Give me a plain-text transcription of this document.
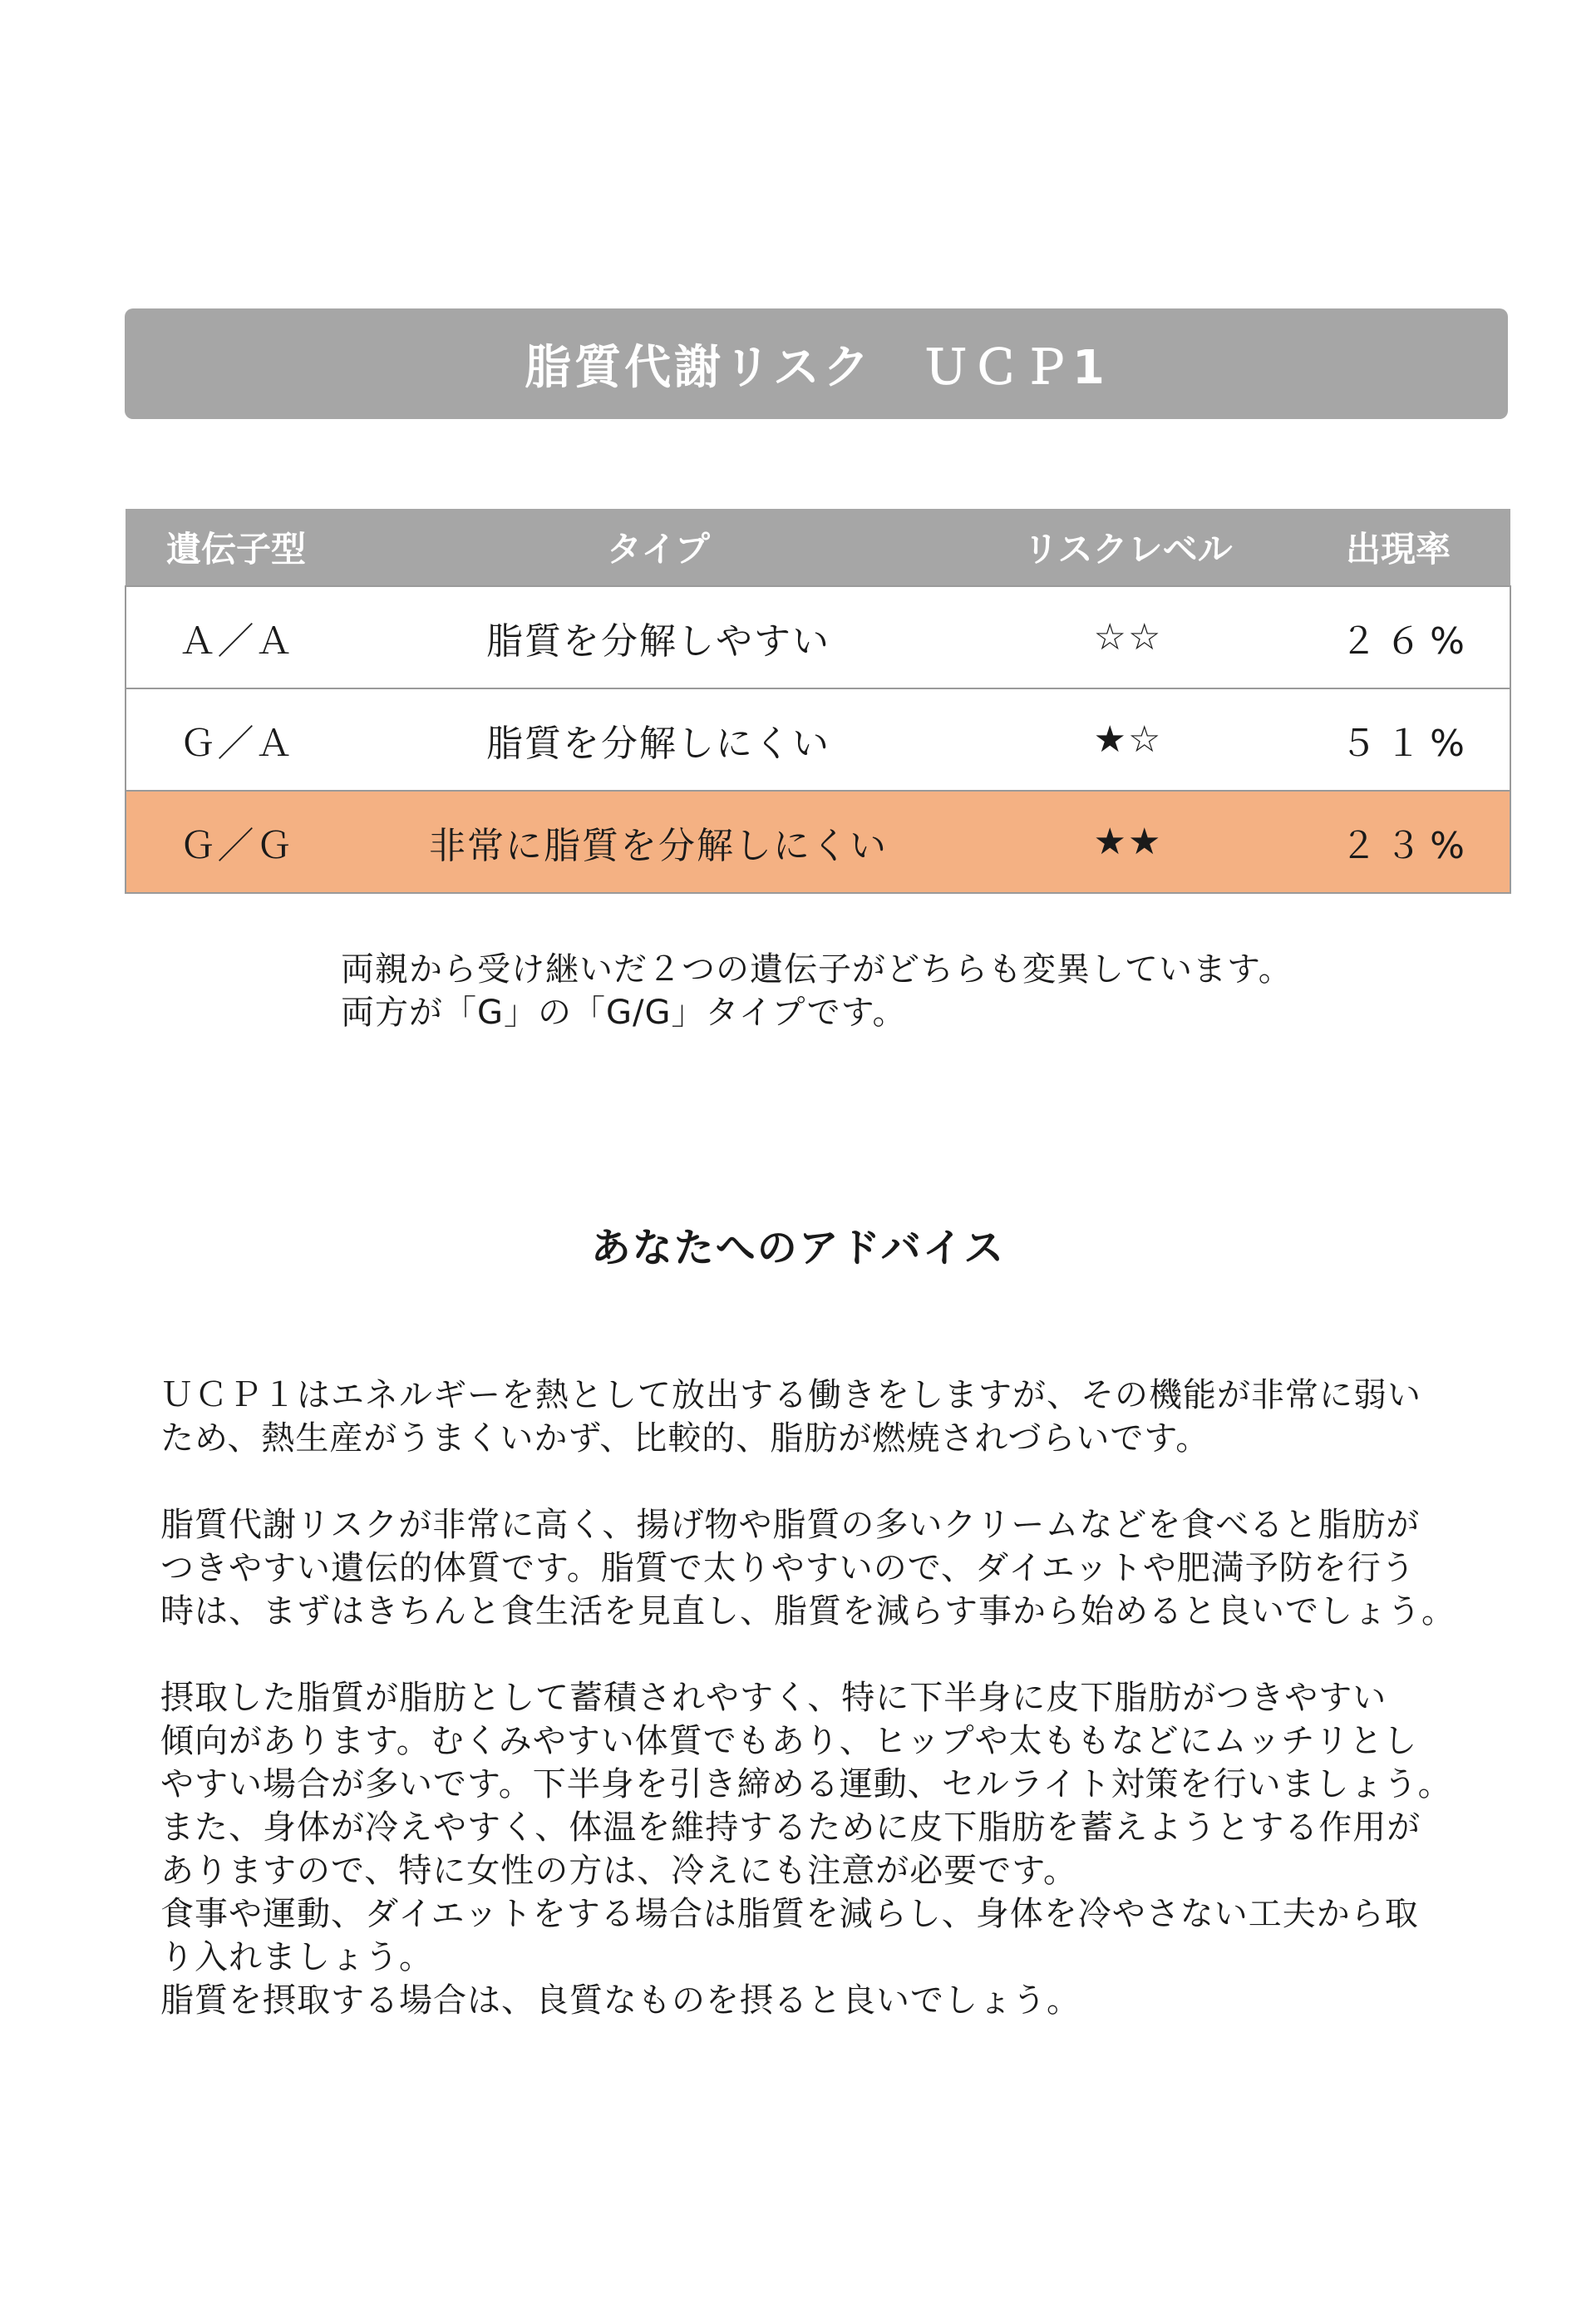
脂質代謝リスク　ＵＣＰ1
遺伝子型	タイプ	リスクレベル	出現率
Ａ／Ａ	脂質を分解しやすい	☆☆	２６%
Ｇ／Ａ	脂質を分解しにくい	★☆	５１%
Ｇ／Ｇ	非常に脂質を分解しにくい	★★	２３%
両親から受け継いだ２つの遺伝子がどちらも変異しています。
両方が「G」の「G/G」タイプです。
あなたへのアドバイス
ＵＣＰ１はエネルギーを熱として放出する働きをしますが、その機能が非常に弱い
ため、熱生産がうまくいかず、比較的、脂肪が燃焼されづらいです。
脂質代謝リスクが非常に高く、揚げ物や脂質の多いクリームなどを食べると脂肪が
つきやすい遺伝的体質です。脂質で太りやすいので、ダイエットや肥満予防を行う
時は、まずはきちんと食生活を見直し、脂質を減らす事から始めると良いでしょう。
摂取した脂質が脂肪として蓄積されやすく、特に下半身に皮下脂肪がつきやすい
傾向があります。むくみやすい体質でもあり、ヒップや太ももなどにムッチリとし
やすい場合が多いです。下半身を引き締める運動、セルライト対策を行いましょう。
また、身体が冷えやすく、体温を維持するために皮下脂肪を蓄えようとする作用が
ありますので、特に女性の方は、冷えにも注意が必要です。
食事や運動、ダイエットをする場合は脂質を減らし、身体を冷やさない工夫から取
り入れましょう。
脂質を摂取する場合は、良質なものを摂ると良いでしょう。
